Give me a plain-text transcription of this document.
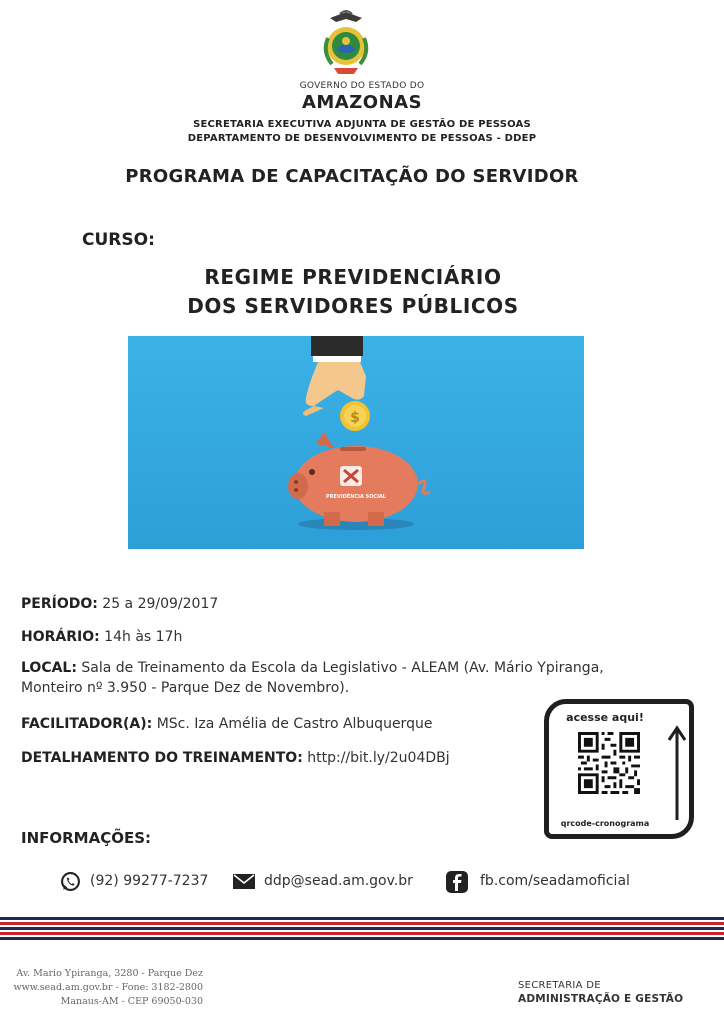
GOVERNO DO ESTADO DO
AMAZONAS
SECRETARIA EXECUTIVA ADJUNTA DE GESTÃO DE PESSOAS
DEPARTAMENTO DE DESENVOLVIMENTO DE PESSOAS - DDEP
PROGRAMA DE CAPACITAÇÃO DO SERVIDOR
CURSO:
REGIME PREVIDENCIÁRIO
DOS SERVIDORES PÚBLICOS
$
PREVIDÊNCIA SOCIAL
PERÍODO: 25 a 29/09/2017
HORÁRIO: 14h às 17h
LOCAL: Sala de Treinamento da Escola da Legislativo - ALEAM (Av. Mário Ypiranga,
Monteiro nº 3.950 - Parque Dez de Novembro).
FACILITADOR(A): MSc. Iza Amélia de Castro Albuquerque
DETALHAMENTO DO TREINAMENTO: http://bit.ly/2u04DBj
acesse aqui!
qrcode-cronograma
INFORMAÇÕES:
(92) 99277-7237	ddp@sead.am.gov.br	fb.com/seadamoficial
Av. Mario Ypiranga, 3280 - Parque Dez
www.sead.am.gov.br - Fone: 3182-2800
Manaus-AM - CEP 69050-030
SECRETARIA DE
ADMINISTRAÇÃO E GESTÃO
